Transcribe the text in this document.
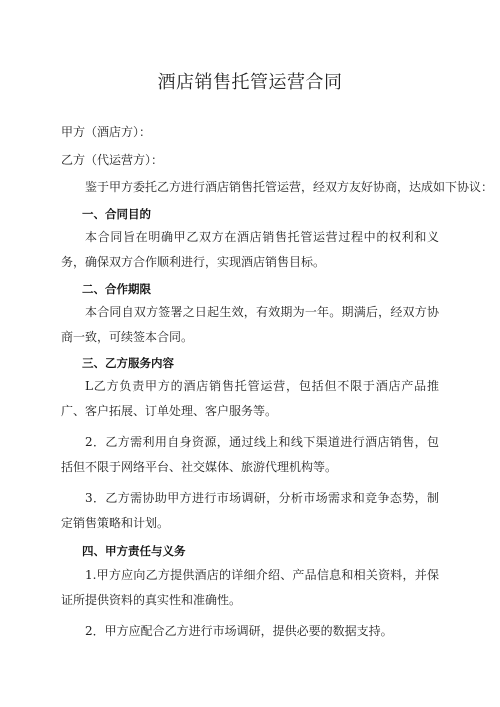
酒店销售托管运营合同
甲方（酒店方）：
乙方（代运营方）：
鉴于甲方委托乙方进行酒店销售托管运营，经双方友好协商，达成如下协议：
一、合同目的
本合同旨在明确甲乙双方在酒店销售托管运营过程中的权利和义务，确保双方合作顺利进行，实现酒店销售目标。
二、合作期限
本合同自双方签署之日起生效，有效期为一年。期满后，经双方协商一致，可续签本合同。
三、乙方服务内容
L乙方负责甲方的酒店销售托管运营，包括但不限于酒店产品推广、客户拓展、订单处理、客户服务等。
2．乙方需利用自身资源，通过线上和线下渠道进行酒店销售，包括但不限于网络平台、社交媒体、旅游代理机构等。
3．乙方需协助甲方进行市场调研，分析市场需求和竞争态势，制定销售策略和计划。
四、甲方责任与义务
1.甲方应向乙方提供酒店的详细介绍、产品信息和相关资料，并保证所提供资料的真实性和准确性。
2．甲方应配合乙方进行市场调研，提供必要的数据支持。
